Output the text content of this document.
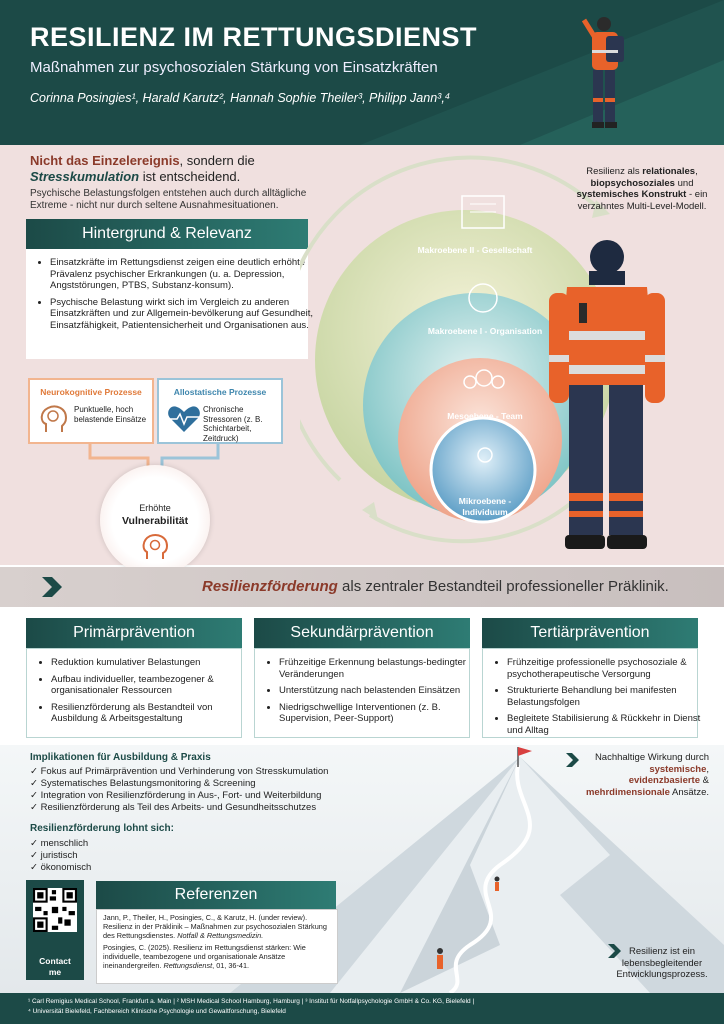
RESILIENZ IM RETTUNGSDIENST
Maßnahmen zur psychosozialen Stärkung von Einsatzkräften
Corinna Posingies¹, Harald Karutz², Hannah Sophie Theiler³, Philipp Jann³,⁴
Nicht das Einzelereignis, sondern die Stresskumulation ist entscheidend.
Psychische Belastungsfolgen entstehen auch durch alltägliche Extreme - nicht nur durch seltene Ausnahmesituationen.
Hintergrund & Relevanz
• Einsatzkräfte im Rettungsdienst zeigen eine deutlich erhöhte Prävalenz psychischer Erkrankungen (u. a. Depression, Angststörungen, PTBS, Substanz-konsum).
• Psychische Belastung wirkt sich im Vergleich zu anderen Einsatzkräften und zur Allgemein-bevölkerung auf Gesundheit, Einsatzfähigkeit, Patientensicherheit und Organisationen aus.
Neurokognitive Prozesse
Punktuelle, hoch belastende Einsätze
Allostatische Prozesse
Chronische Stressoren (z. B. Schichtarbeit, Zeitdruck)
Erhöhte
Vulnerabilität
Makroebene II - Gesellschaft
Makroebene I - Organisation
Mesoebene - Team
Mikroebene -
Individuum
Resilienz als relationales, biopsychosoziales und systemisches Konstrukt - ein verzahntes Multi-Level-Modell.
Resilienzförderung als zentraler Bestandteil professioneller Präklinik.
Primärprävention
• Reduktion kumulativer Belastungen
• Aufbau individueller, teambezogener & organisationaler Ressourcen
• Resilienzförderung als Bestandteil von Ausbildung & Arbeitsgestaltung
Sekundärprävention
• Frühzeitige Erkennung belastungs-bedingter Veränderungen
• Unterstützung nach belastenden Einsätzen
• Niedrigschwellige Interventionen (z. B. Supervision, Peer-Support)
Tertiärprävention
• Frühzeitige professionelle psychosoziale & psychotherapeutische Versorgung
• Strukturierte Behandlung bei manifesten Belastungsfolgen
• Begleitete Stabilisierung & Rückkehr in Dienst und Alltag
Implikationen für Ausbildung & Praxis
✓ Fokus auf Primärprävention und Verhinderung von Stresskumulation
✓ Systematisches Belastungsmonitoring & Screening
✓ Integration von Resilienzförderung in Aus-, Fort- und Weiterbildung
✓ Resilienzförderung als Teil des Arbeits- und Gesundheitsschutzes
Resilienzförderung lohnt sich:
✓ menschlich
✓ juristisch
✓ ökonomisch
Nachhaltige Wirkung durch systemische, evidenzbasierte & mehrdimensionale Ansätze.
Contact
me
Referenzen

Jann, P., Theiler, H., Posingies, C., & Karutz, H. (under review). Resilienz in der Präklinik – Maßnahmen zur psychosozialen Stärkung des Rettungsdienstes. Notfall & Rettungsmedizin.

Posingies, C. (2025). Resilienz im Rettungsdienst stärken: Wie individuelle, teambezogene und organisationale Ansätze ineinandergreifen. Rettungsdienst, 01, 36-41.

Resilienz ist ein lebensbegleitender Entwicklungsprozess.
¹ Carl Remigius Medical School, Frankfurt a. Main | ² MSH Medical School Hamburg, Hamburg | ³ Institut für Notfallpsychologie GmbH & Co. KG, Bielefeld |
⁴ Universität Bielefeld, Fachbereich Klinische Psychologie und Gewaltforschung, Bielefeld
